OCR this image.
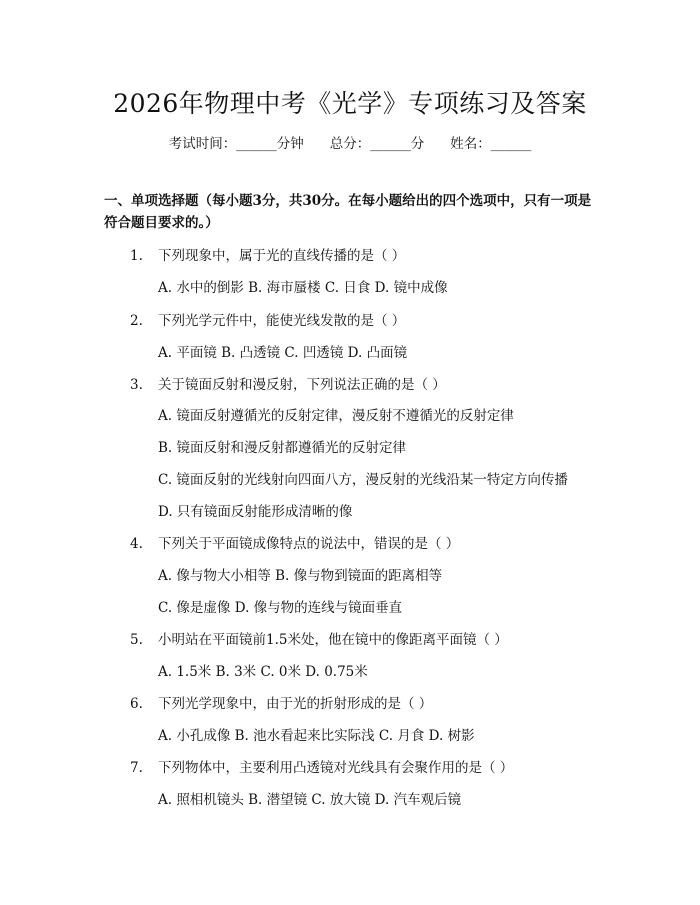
2026年物理中考《光学》专项练习及答案
考试时间：______分钟 总分：______分 姓名：______
一、单项选择题（每小题3分，共30分。在每小题给出的四个选项中，只有一项是符合题目要求的。）
1. 下列现象中，属于光的直线传播的是（ ）
A. 水中的倒影 B. 海市蜃楼 C. 日食 D. 镜中成像
2. 下列光学元件中，能使光线发散的是（ ）
A. 平面镜 B. 凸透镜 C. 凹透镜 D. 凸面镜
3. 关于镜面反射和漫反射，下列说法正确的是（ ）
A. 镜面反射遵循光的反射定律，漫反射不遵循光的反射定律
B. 镜面反射和漫反射都遵循光的反射定律
C. 镜面反射的光线射向四面八方，漫反射的光线沿某一特定方向传播
D. 只有镜面反射能形成清晰的像
4. 下列关于平面镜成像特点的说法中，错误的是（ ）
A. 像与物大小相等 B. 像与物到镜面的距离相等
C. 像是虚像 D. 像与物的连线与镜面垂直
5. 小明站在平面镜前1.5米处，他在镜中的像距离平面镜（ ）
A. 1.5米 B. 3米 C. 0米 D. 0.75米
6. 下列光学现象中，由于光的折射形成的是（ ）
A. 小孔成像 B. 池水看起来比实际浅 C. 月食 D. 树影
7. 下列物体中，主要利用凸透镜对光线具有会聚作用的是（ ）
A. 照相机镜头 B. 潜望镜 C. 放大镜 D. 汽车观后镜
